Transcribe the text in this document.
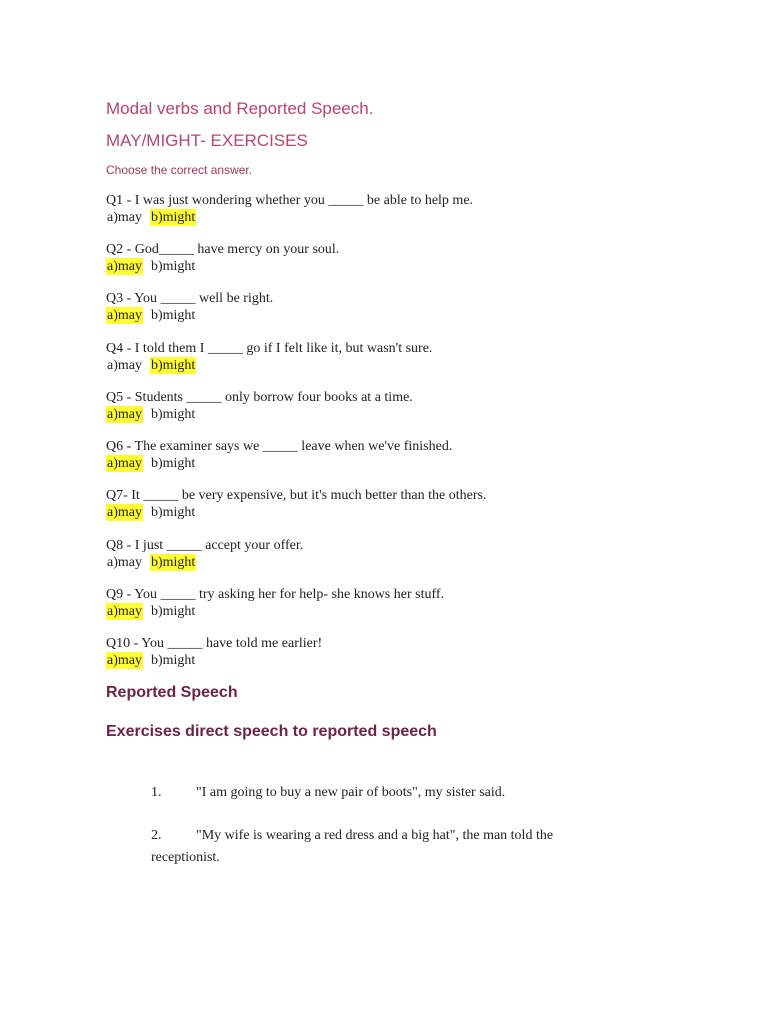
Modal verbs and Reported Speech.
MAY/MIGHT- EXERCISES
Choose the correct answer.
Q1 - I was just wondering whether you _____ be able to help me.
a)may b)might
Q2 - God_____ have mercy on your soul.
a)may b)might
Q3 - You _____ well be right.
a)may b)might
Q4 - I told them I _____ go if I felt like it, but wasn't sure.
a)may b)might
Q5 - Students _____ only borrow four books at a time.
a)may b)might
Q6 - The examiner says we _____ leave when we've finished.
a)may b)might
Q7- It _____ be very expensive, but it's much better than the others.
a)may b)might
Q8 - I just _____ accept your offer.
a)may b)might
Q9 - You _____ try asking her for help- she knows her stuff.
a)may b)might
Q10 - You _____ have told me earlier!
a)may b)might
Reported Speech
Exercises direct speech to reported speech
1. "I am going to buy a new pair of boots", my sister said.
2. "My wife is wearing a red dress and a big hat", the man told the
receptionist.
